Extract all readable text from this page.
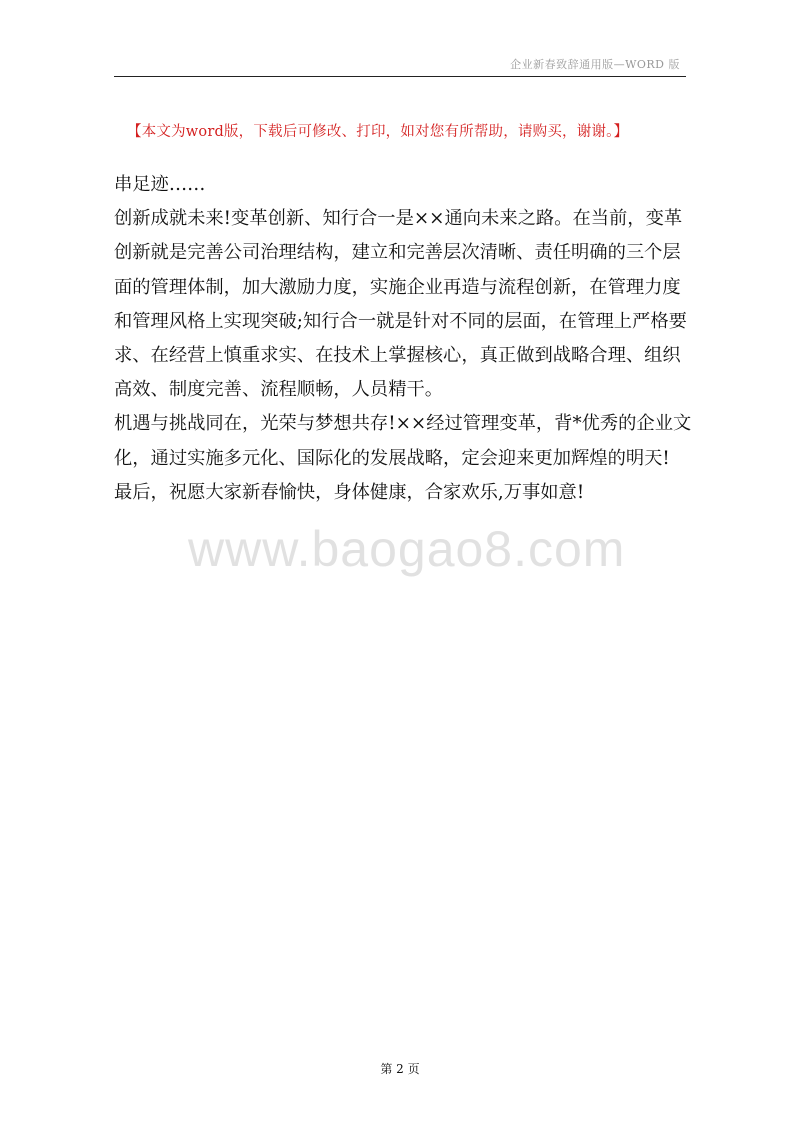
企业新春致辞通用版—WORD 版
【本文为word版，下载后可修改、打印，如对您有所帮助，请购买，谢谢。】

串足迹……

创新成就未来!变革创新、知行合一是××通向未来之路。在当前，变革创新就是完善公司治理结构，建立和完善层次清晰、责任明确的三个层面的管理体制，加大激励力度，实施企业再造与流程创新，在管理力度和管理风格上实现突破;知行合一就是针对不同的层面，在管理上严格要求、在经营上慎重求实、在技术上掌握核心，真正做到战略合理、组织高效、制度完善、流程顺畅，人员精干。

机遇与挑战同在，光荣与梦想共存!××经过管理变革，背*优秀的企业文化，通过实施多元化、国际化的发展战略，定会迎来更加辉煌的明天!

最后，祝愿大家新春愉快，身体健康，合家欢乐,万事如意!

www.baogao8.com
第 2 页
